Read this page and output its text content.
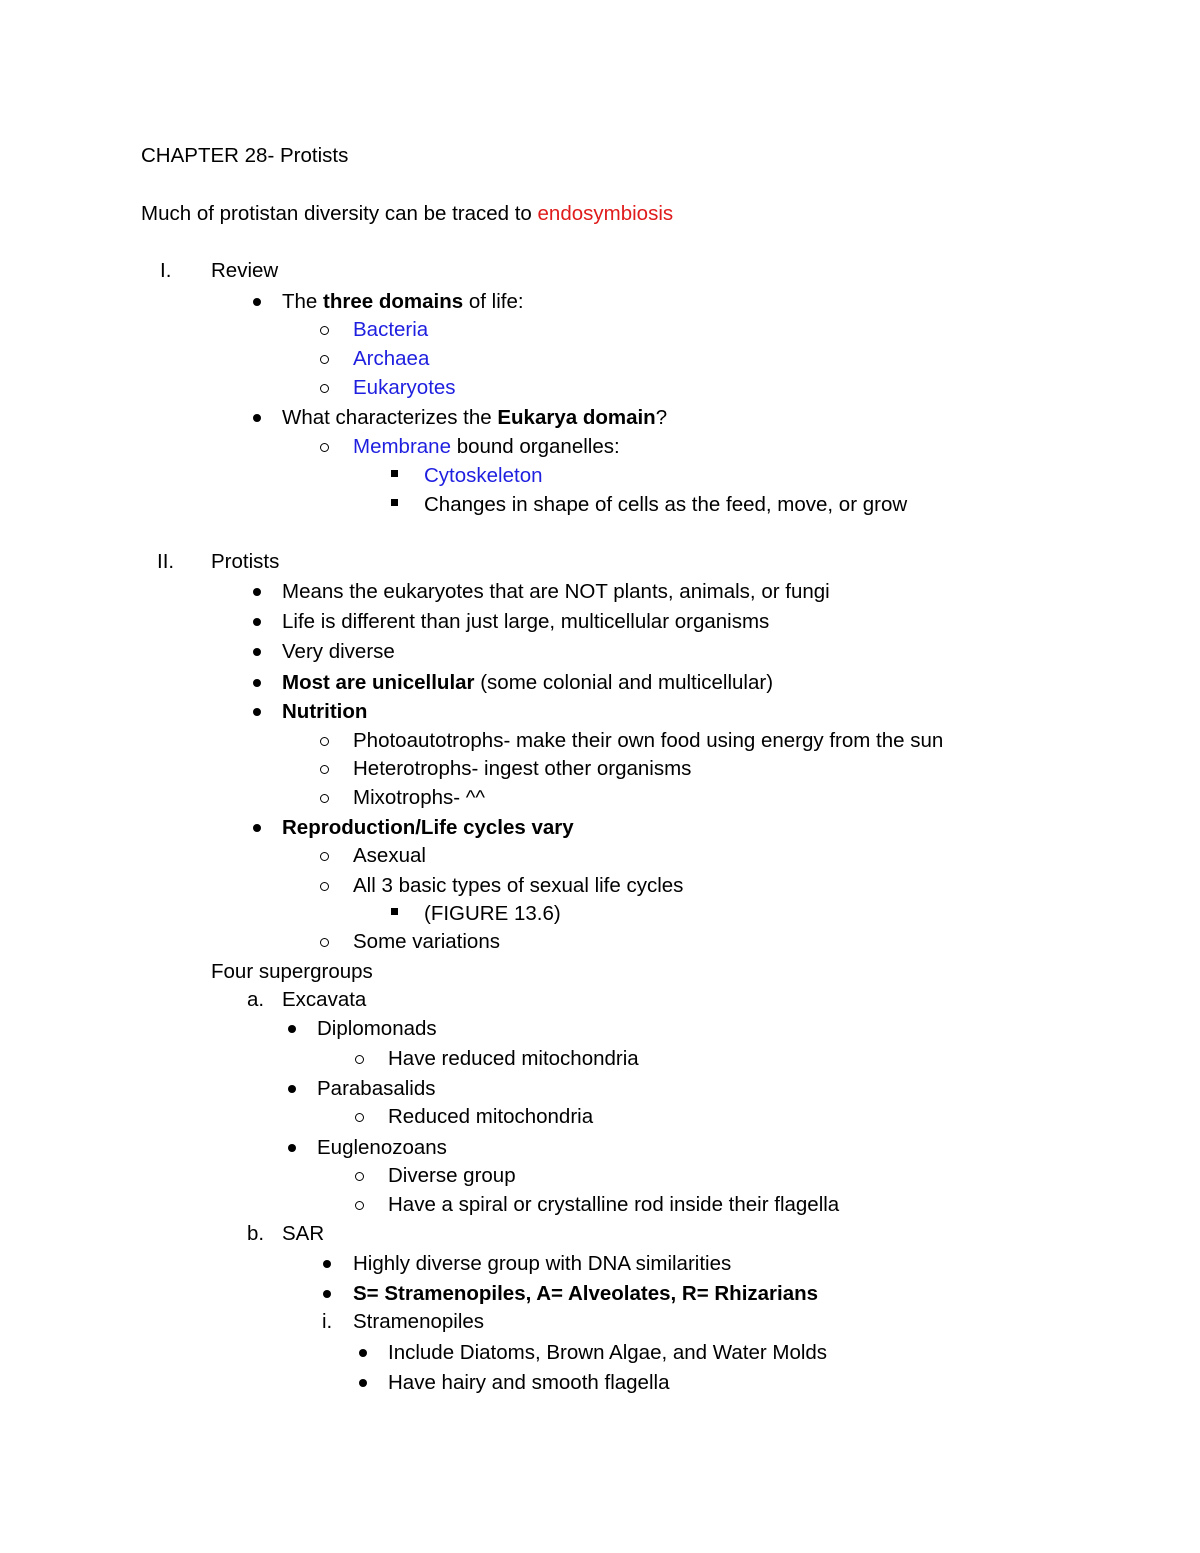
CHAPTER 28- Protists
Much of protistan diversity can be traced to endosymbiosis
I. Review
The three domains of life:
Bacteria
Archaea
Eukaryotes
What characterizes the Eukarya domain?
Membrane bound organelles:
Cytoskeleton
Changes in shape of cells as the feed, move, or grow
II. Protists
Means the eukaryotes that are NOT plants, animals, or fungi
Life is different than just large, multicellular organisms
Very diverse
Most are unicellular (some colonial and multicellular)
Nutrition
Photoautotrophs- make their own food using energy from the sun
Heterotrophs- ingest other organisms
Mixotrophs- ^^
Reproduction/Life cycles vary
Asexual
All 3 basic types of sexual life cycles
(FIGURE 13.6)
Some variations
Four supergroups
a. Excavata
Diplomonads
Have reduced mitochondria
Parabasalids
Reduced mitochondria
Euglenozoans
Diverse group
Have a spiral or crystalline rod inside their flagella
b. SAR
Highly diverse group with DNA similarities
S= Stramenopiles, A= Alveolates, R= Rhizarians
i. Stramenopiles
Include Diatoms, Brown Algae, and Water Molds
Have hairy and smooth flagella
